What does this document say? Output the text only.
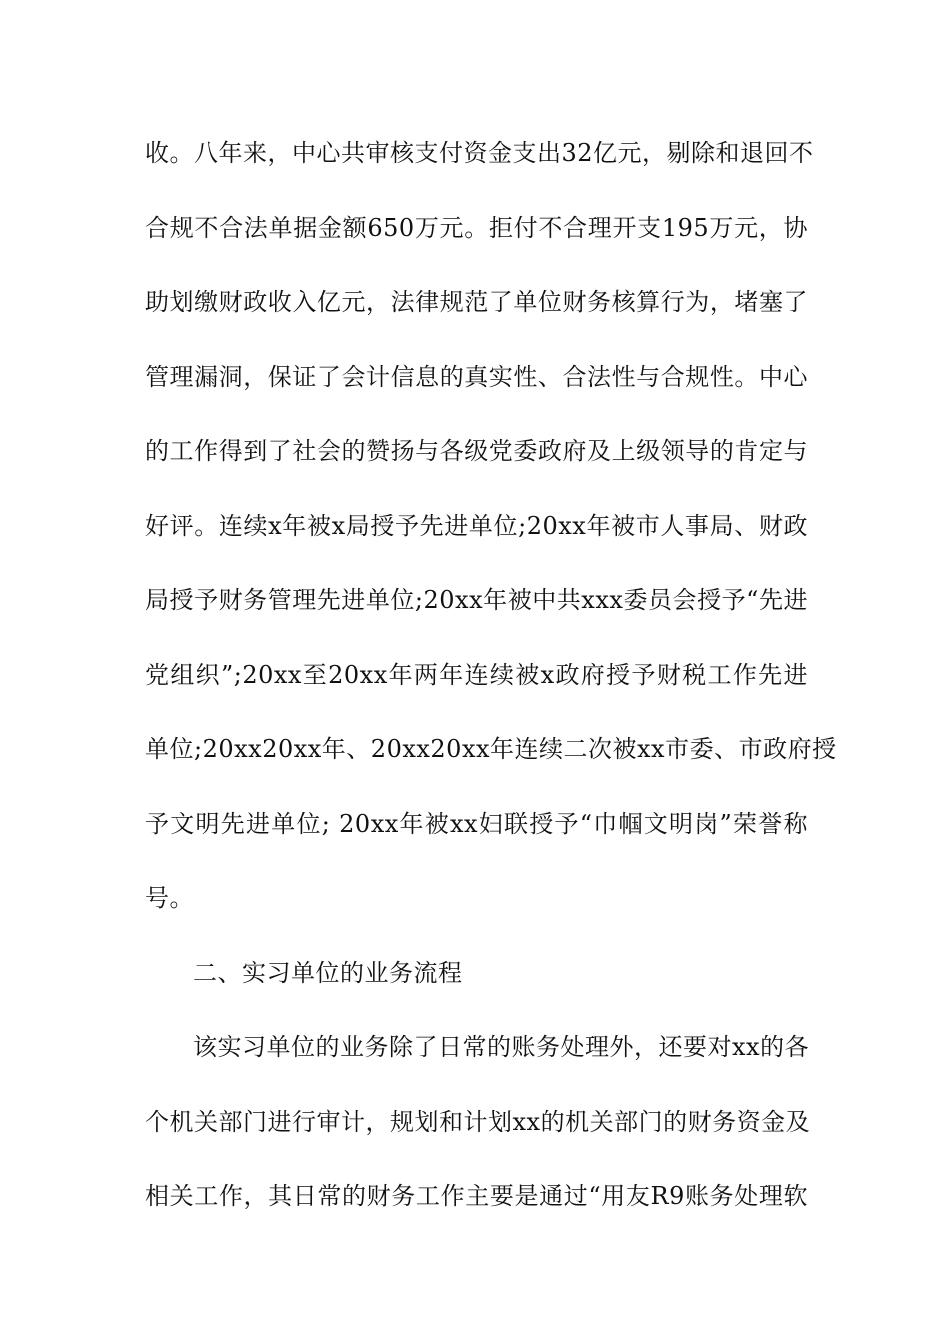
收。八年来，中心共审核支付资金支出32亿元，剔除和退回不
合规不合法单据金额650万元。拒付不合理开支195万元，协
助划缴财政收入亿元，法律规范了单位财务核算行为，堵塞了
管理漏洞，保证了会计信息的真实性、合法性与合规性。中心
的工作得到了社会的赞扬与各级党委政府及上级领导的肯定与
好评。连续x年被x局授予先进单位;20xx年被市人事局、财政
局授予财务管理先进单位;20xx年被中共xxx委员会授予“先进
党组织”;20xx至20xx年两年连续被x政府授予财税工作先进
单位;20xx20xx年、20xx20xx年连续二次被xx市委、市政府授
予文明先进单位; 20xx年被xx妇联授予“巾帼文明岗”荣誉称
号。
二、实习单位的业务流程
该实习单位的业务除了日常的账务处理外，还要对xx的各
个机关部门进行审计，规划和计划xx的机关部门的财务资金及
相关工作，其日常的财务工作主要是通过“用友R9账务处理软
